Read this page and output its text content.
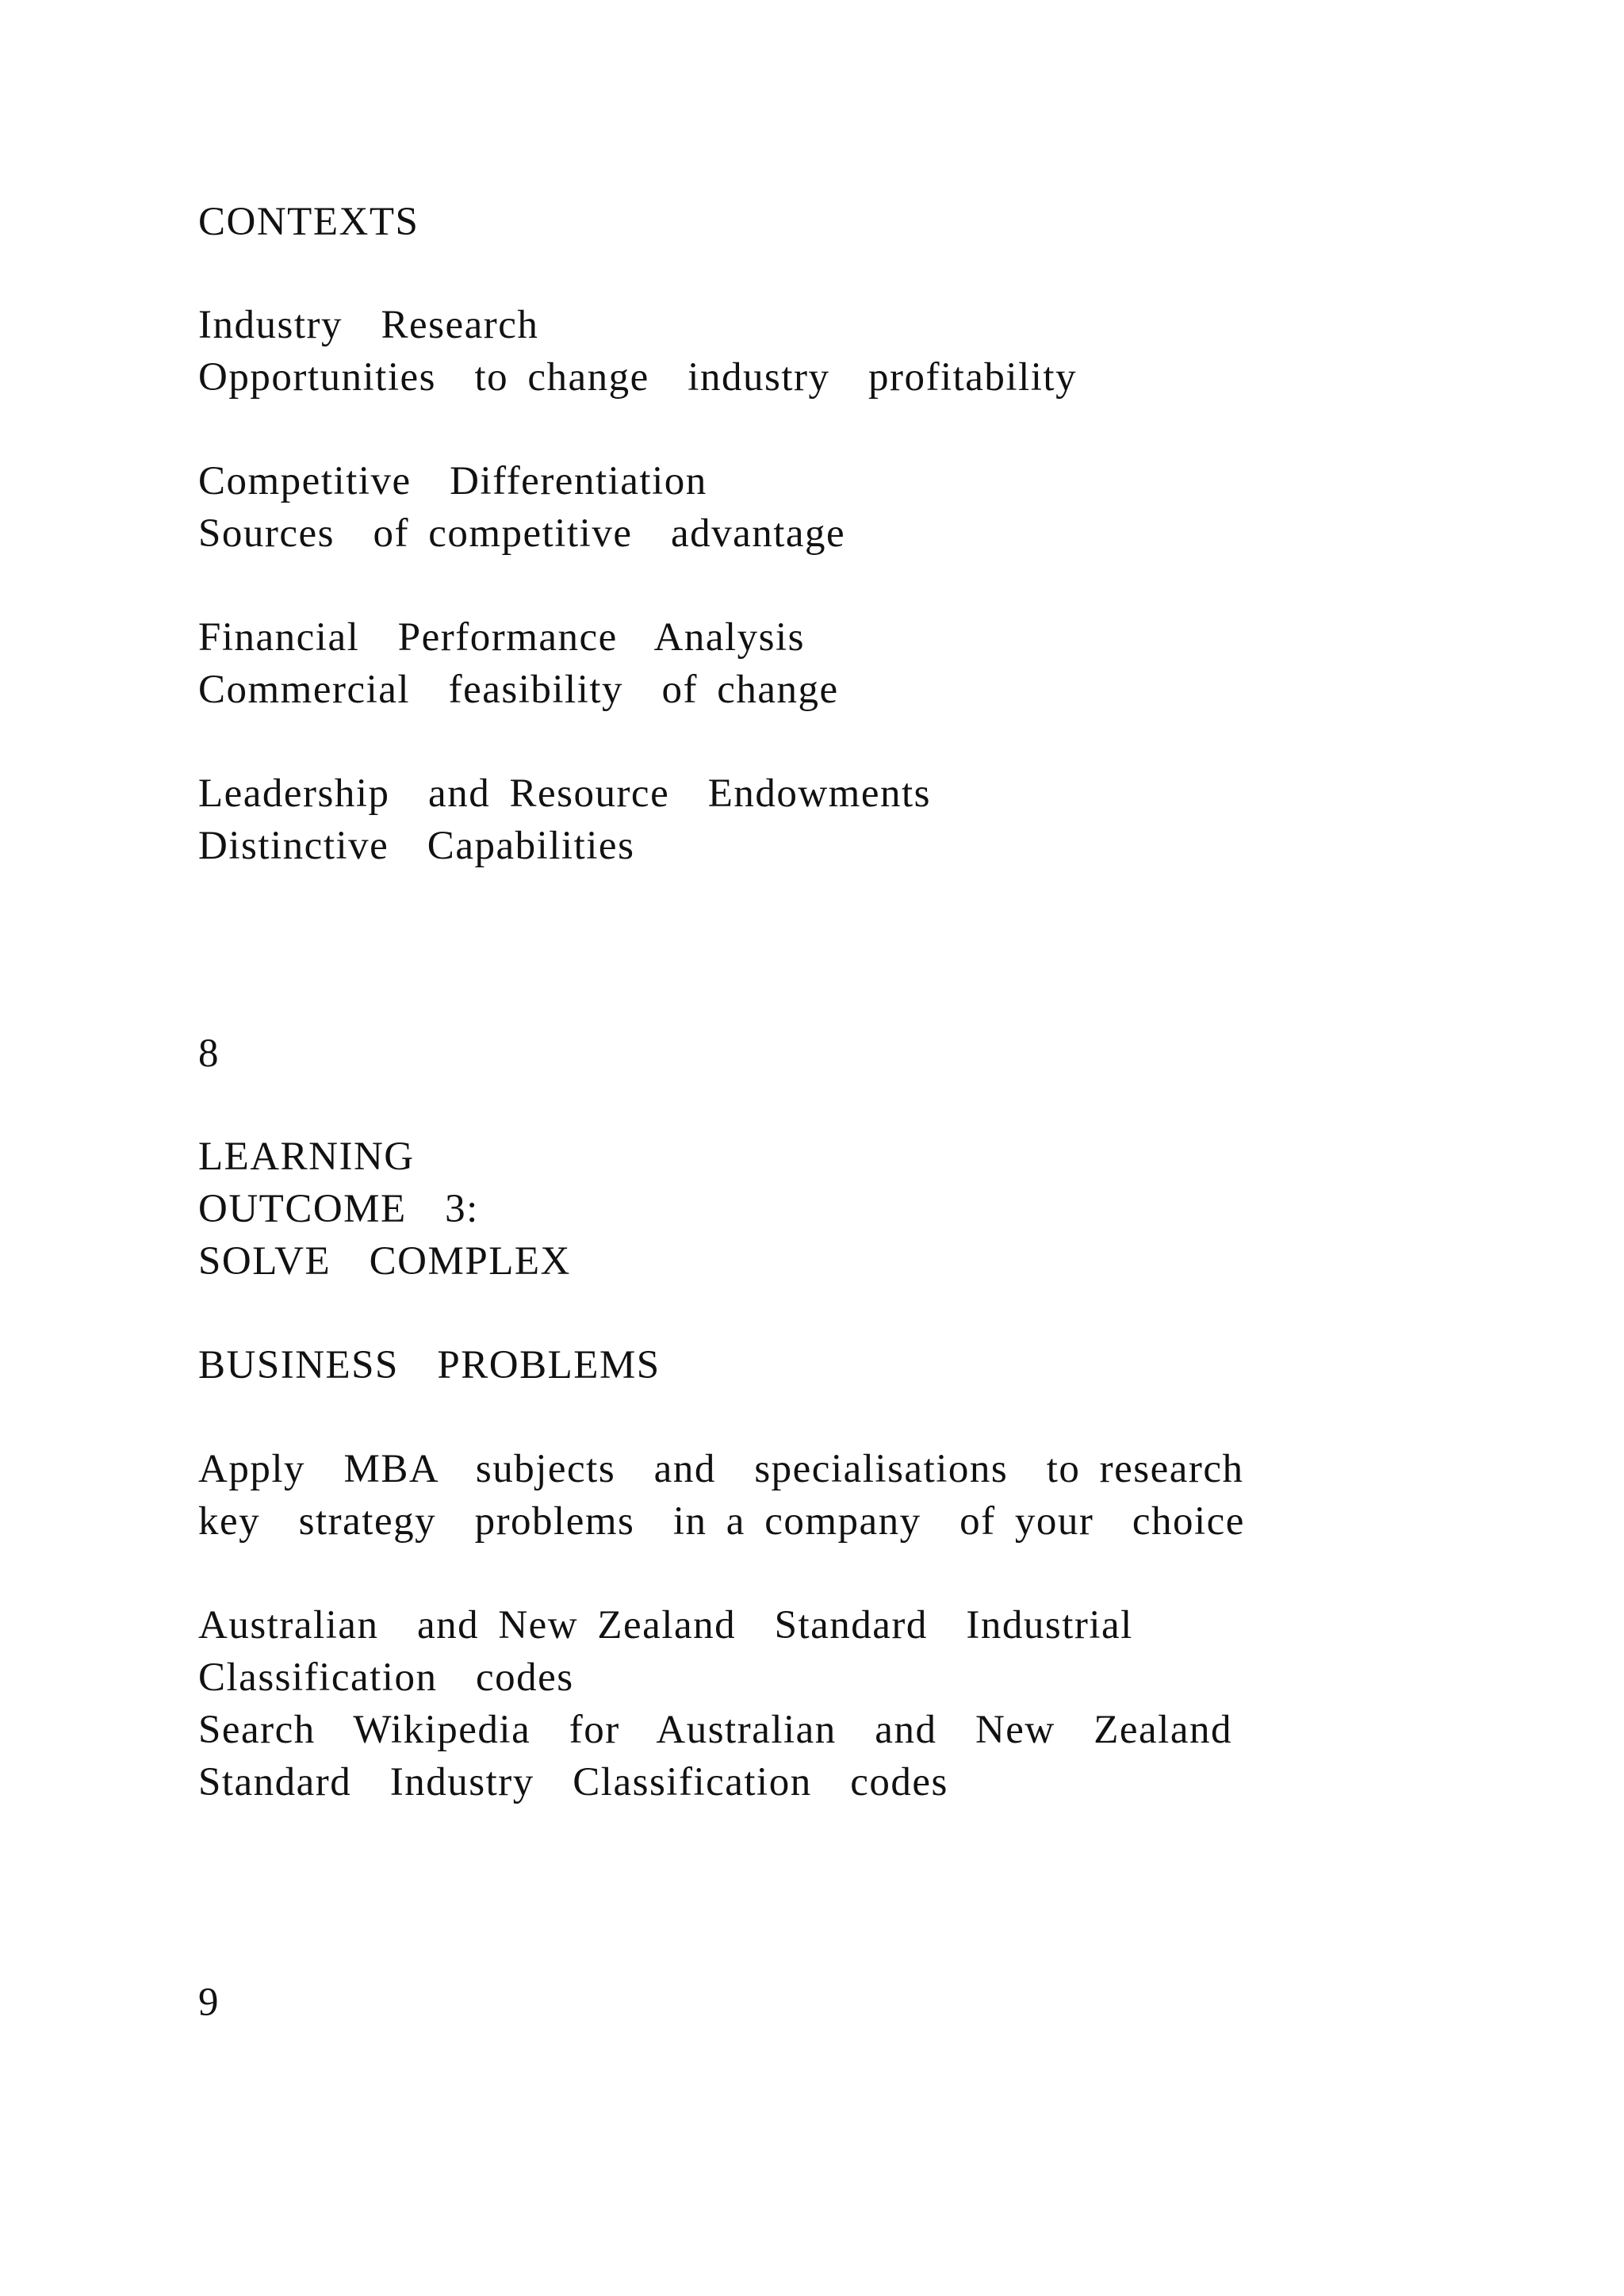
CONTEXTS

Industry  Research

Opportunities  to change  industry  profitability

Competitive  Differentiation

Sources  of competitive  advantage

Financial  Performance  Analysis

Commercial  feasibility  of change

Leadership  and Resource  Endowments

Distinctive  Capabilities

8

LEARNING

OUTCOME  3:

SOLVE  COMPLEX

BUSINESS  PROBLEMS

Apply  MBA  subjects  and  specialisations  to research

key  strategy  problems  in a company  of your  choice

Australian  and New Zealand  Standard  Industrial

Classification  codes

Search  Wikipedia  for  Australian  and  New  Zealand

Standard  Industry  Classification  codes

9
